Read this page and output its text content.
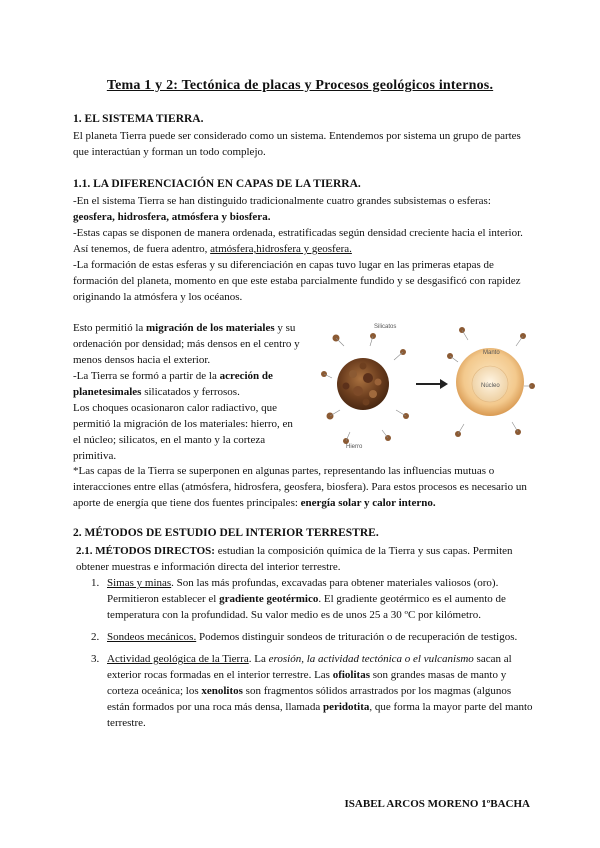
Tema 1 y 2: Tectónica de placas y Procesos geológicos internos.
1. EL SISTEMA TIERRA.

El planeta Tierra puede ser considerado como un sistema. Entendemos por sistema un grupo de partes que interactúan y forman un todo complejo.

1.1. LA DIFERENCIACIÓN EN CAPAS DE LA TIERRA.

-En el sistema Tierra se han distinguido tradicionalmente cuatro grandes subsistemas o esferas: geosfera, hidrosfera, atmósfera y biosfera.

-Estas capas se disponen de manera ordenada, estratificadas según densidad creciente hacia el interior. Así tenemos, de fuera adentro, atmósfera,hidrosfera y geosfera.

-La formación de estas esferas y su diferenciación en capas tuvo lugar en las primeras etapas de formación del planeta, momento en que este estaba parcialmente fundido y se desgasificó con rapidez originando la atmósfera y los océanos.

Esto permitió la migración de los materiales y su ordenación por densidad; más densos en el centro y menos densos hacia el exterior.

-La Tierra se formó a partir de la acreción de planetesimales silicatados y ferrosos.

Los choques ocasionaron calor radiactivo, que permitió la migración de los materiales: hierro, en el núcleo; silicatos, en el manto y la corteza primitiva.

*Las capas de la Tierra se superponen en algunas partes, representando las influencias mutuas o interacciones entre ellas (atmósfera, hidrosfera, geosfera, biosfera). Para estos procesos es necesario un aporte de energía que tiene dos fuentes principales: energía solar y calor interno.

Silicatos
Hierro
Manto
Núcleo
2. MÉTODOS DE ESTUDIO DEL INTERIOR TERRESTRE.

2.1. MÉTODOS DIRECTOS: estudian la composición química de la Tierra y sus capas. Permiten obtener muestras e información directa del interior terrestre.

1. Simas y minas. Son las más profundas, excavadas para obtener materiales valiosos (oro). Permitieron establecer el gradiente geotérmico. El gradiente geotérmico es el aumento de temperatura con la profundidad. Su valor medio es de unos 25 a 30 ºC por kilómetro.
2. Sondeos mecánicos. Podemos distinguir sondeos de trituración o de recuperación de testigos.
3. Actividad geológica de la Tierra. La erosión, la actividad tectónica o el vulcanismo sacan al exterior rocas formadas en el interior terrestre. Las ofiolitas son grandes masas de manto y corteza oceánica; los xenolitos son fragmentos sólidos arrastrados por los magmas (algunos están formados por una roca más densa, llamada peridotita, que forma la mayor parte del manto terrestre.
ISABEL ARCOS MORENO 1ºBACHA
